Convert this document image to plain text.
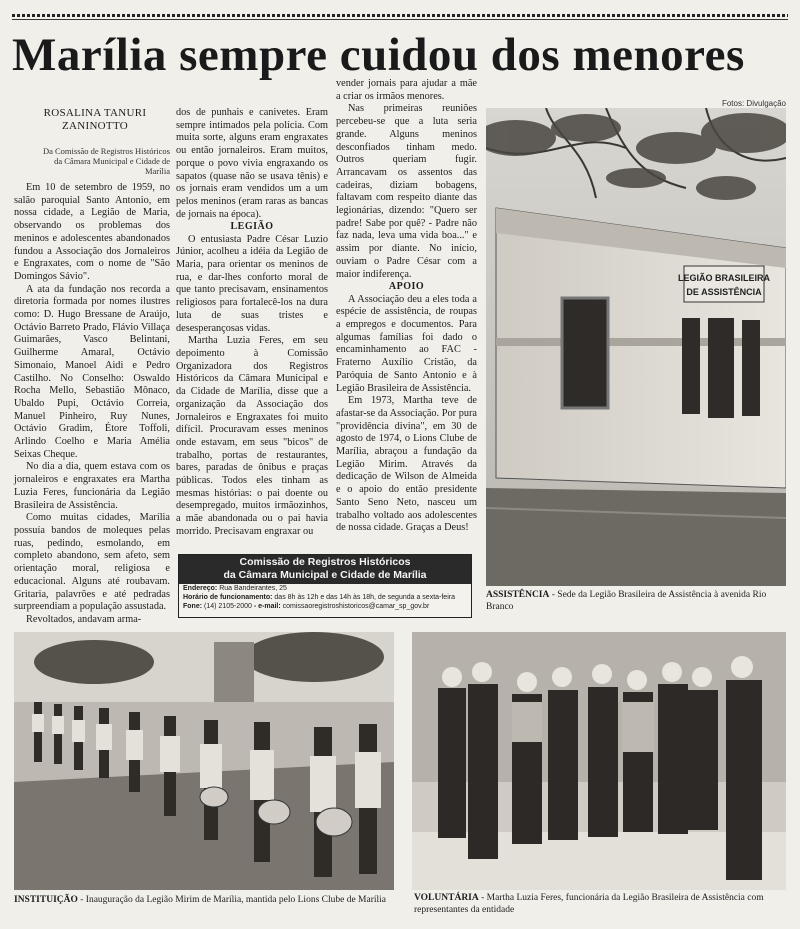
Marília sempre cuidou dos menores
Fotos: Divulgação
ROSALINA TANURI ZANINOTTO
Da Comissão de Registros Históricos da Câmara Municipal e Cidade de Marília

Em 10 de setembro de 1959, no salão paroquial Santo Antonio, em nossa cidade, a Legião de Maria, observando os problemas dos meninos e adolescentes abandonados fundou a Associação dos Jornaleiros e Engraxates, com o nome de "São Domingos Sávio".

A ata da fundação nos recorda a diretoria formada por nomes ilustres como: D. Hugo Bressane de Araújo, Octávio Barreto Prado, Flávio Villaça Guimarães, Vasco Belintani, Guilherme Amaral, Octávio Simonaio, Manoel Aidi e Pedro Castilho. No Conselho: Oswaldo Rocha Mello, Sebastião Mônaco, Ubaldo Pupi, Octávio Correia, Manuel Pinheiro, Ruy Nunes, Octávio Gradim, Étore Toffoli, Arlindo Coelho e Maria Amélia Seixas Cheque.

No dia a dia, quem estava com os jornaleiros e engraxates era Martha Luzia Feres, funcionária da Legião Brasileira de Assistência.

Como muitas cidades, Marília possuía bandos de moleques pelas ruas, pedindo, esmolando, em completo abandono, sem afeto, sem orientação moral, religiosa e educacional. Alguns até roubavam. Gritaria, palavrões e até pedradas surpreendiam a população assustada.

Revoltados, andavam arma-

dos de punhais e canivetes. Eram sempre intimados pela polícia. Com muita sorte, alguns eram engraxates ou então jornaleiros. Eram muitos, porque o povo vivia engraxando os sapatos (quase não se usava tênis) e os jornais eram vendidos um a um pelos meninos (eram raras as bancas de jornais na época).

LEGIÃO

O entusiasta Padre César Luzio Júnior, acolheu a idéia da Legião de Maria, para orientar os meninos de rua, e dar-lhes conforto moral de que tanto precisavam, ensinamentos religiosos para fortalecê-los na dura luta de suas tristes e desesperançosas vidas.

Martha Luzia Feres, em seu depoimento à Comissão Organizadora dos Registros Históricos da Câmara Municipal e da Cidade de Marília, disse que a organização da Associação dos Jornaleiros e Engraxates foi muito difícil. Procuravam esses meninos onde estavam, em seus "bicos" de trabalho, portas de restaurantes, bares, paradas de ônibus e praças públicas. Todos eles tinham as mesmas histórias: o pai doente ou desempregado, muitos irmãozinhos, a mãe abandonada ou o pai havia morrido. Precisavam engraxar ou

vender jornais para ajudar a mãe a criar os irmãos menores.

Nas primeiras reuniões percebeu-se que a luta seria grande. Alguns meninos desconfiados tinham medo. Outros queriam fugir. Arrancavam os assentos das cadeiras, diziam bobagens, faltavam com respeito diante das legionárias, dizendo: "Quero ser padre! Sabe por quê? - Padre não faz nada, leva uma vida boa..." e assim por diante. No início, ouviam o Padre César com a maior indiferença.

APOIO

A Associação deu a eles toda a espécie de assistência, de roupas a empregos e documentos. Para algumas famílias foi dado o encaminhamento ao FAC - Fraterno Auxílio Cristão, da Paróquia de Santo Antonio e à Legião Brasileira de Assistência.

Em 1973, Martha teve de afastar-se da Associação. Por pura "providência divina", em 30 de agosto de 1974, o Lions Clube de Marília, abraçou a fundação da Legião Mirim. Através da dedicação de Wilson de Almeida e o apoio do então presidente Santo Seno Neto, nasceu um trabalho voltado aos adolescentes de nossa cidade. Graças a Deus!

Comissão de Registros Históricos
da Câmara Municipal e Cidade de Marília
Endereço: Rua Bandeirantes, 25
Horário de funcionamento: das 8h às 12h e das 14h às 18h, de segunda a sexta-feira
Fone: (14) 2105-2000 - e-mail: comissaoregistroshistoricos@camar_sp_gov.br
LEGIÃO BRASILEIRA
DE ASSISTÊNCIA
ASSISTÊNCIA - Sede da Legião Brasileira de Assistência à avenida Rio Branco
INSTITUIÇÃO - Inauguração da Legião Mirim de Marília, mantida pelo Lions Clube de Marília	VOLUNTÁRIA - Martha Luzia Feres, funcionária da Legião Brasileira de Assistência com representantes da entidade
